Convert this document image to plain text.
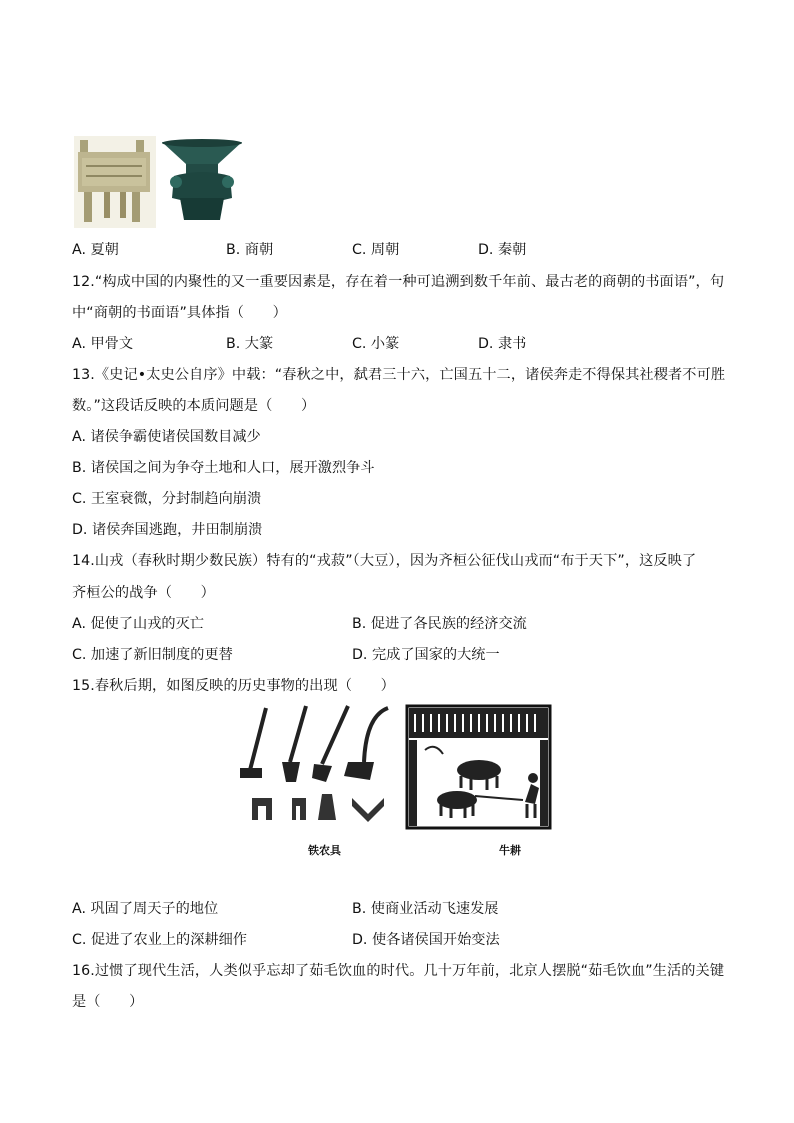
A. 夏朝	B. 商朝	C. 周朝	D. 秦朝
12.“构成中国的内聚性的又一重要因素是，存在着一种可追溯到数千年前、最古老的商朝的书面语”，句
中“商朝的书面语”具体指（　　）
A. 甲骨文	B. 大篆	C. 小篆	D. 隶书
13.《史记•太史公自序》中载：“春秋之中，弑君三十六，亡国五十二，诸侯奔走不得保其社稷者不可胜
数。”这段话反映的本质问题是（　　）
A. 诸侯争霸使诸侯国数目减少
B. 诸侯国之间为争夺土地和人口，展开激烈争斗
C. 王室衰微，分封制趋向崩溃
D. 诸侯奔国逃跑，井田制崩溃
14.山戎（春秋时期少数民族）特有的“戎菽”（大豆），因为齐桓公征伐山戎而“布于天下”，这反映了
齐桓公的战争（　　）
A. 促使了山戎的灭亡	B. 促进了各民族的经济交流
C. 加速了新旧制度的更替	D. 完成了国家的大统一
15.春秋后期，如图反映的历史事物的出现（　　）
铁农具	牛耕
A. 巩固了周天子的地位	B. 使商业活动飞速发展
C. 促进了农业上的深耕细作	D. 使各诸侯国开始变法
16.过惯了现代生活，人类似乎忘却了茹毛饮血的时代。几十万年前，北京人摆脱“茹毛饮血”生活的关键
是（　　）
